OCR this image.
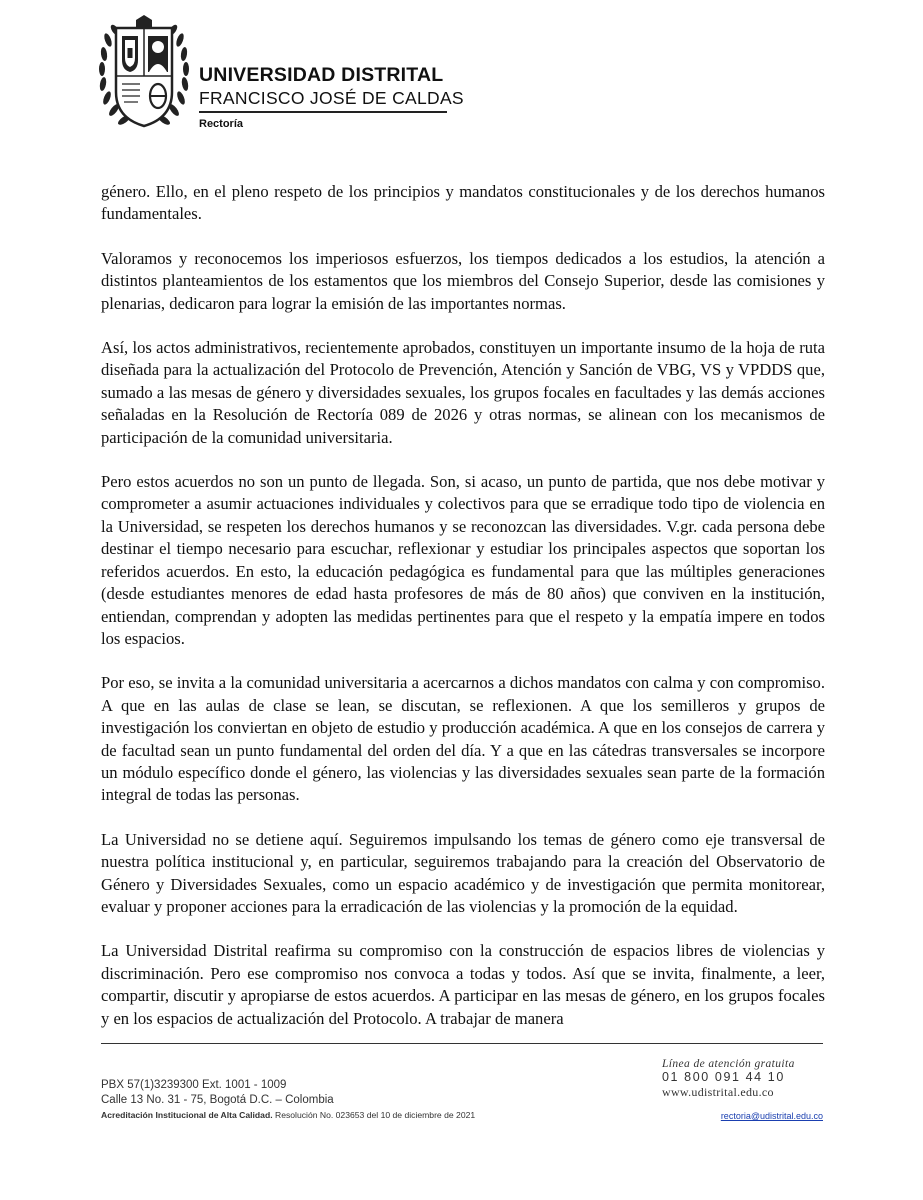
UNIVERSIDAD DISTRITAL
FRANCISCO JOSÉ DE CALDAS
Rectoría

género. Ello, en el pleno respeto de los principios y mandatos constitucionales y de los derechos humanos fundamentales.

Valoramos y reconocemos los imperiosos esfuerzos, los tiempos dedicados a los estudios, la atención a distintos planteamientos de los estamentos que los miembros del Consejo Superior, desde las comisiones y plenarias, dedicaron para lograr la emisión de las importantes normas.

Así, los actos administrativos, recientemente aprobados, constituyen un importante insumo de la hoja de ruta diseñada para la actualización del Protocolo de Prevención, Atención y Sanción de VBG, VS y VPDDS que, sumado a las mesas de género y diversidades sexuales, los grupos focales en facultades y las demás acciones señaladas en la Resolución de Rectoría 089 de 2026 y otras normas, se alinean con los mecanismos de participación de la comunidad universitaria.

Pero estos acuerdos no son un punto de llegada. Son, si acaso, un punto de partida, que nos debe motivar y comprometer a asumir actuaciones individuales y colectivos para que se erradique todo tipo de violencia en la Universidad, se respeten los derechos humanos y se reconozcan las diversidades. V.gr. cada persona debe destinar el tiempo necesario para escuchar, reflexionar y estudiar los principales aspectos que soportan los referidos acuerdos. En esto, la educación pedagógica es fundamental para que las múltiples generaciones (desde estudiantes menores de edad hasta profesores de más de 80 años) que conviven en la institución, entiendan, comprendan y adopten las medidas pertinentes para que el respeto y la empatía impere en todos los espacios.

Por eso, se invita a la comunidad universitaria a acercarnos a dichos mandatos con calma y con compromiso. A que en las aulas de clase se lean, se discutan, se reflexionen. A que los semilleros y grupos de investigación los conviertan en objeto de estudio y producción académica. A que en los consejos de carrera y de facultad sean un punto fundamental del orden del día. Y a que en las cátedras transversales se incorpore un módulo específico donde el género, las violencias y las diversidades sexuales sean parte de la formación integral de todas las personas.

La Universidad no se detiene aquí. Seguiremos impulsando los temas de género como eje transversal de nuestra política institucional y, en particular, seguiremos trabajando para la creación del Observatorio de Género y Diversidades Sexuales, como un espacio académico y de investigación que permita monitorear, evaluar y proponer acciones para la erradicación de las violencias y la promoción de la equidad.

La Universidad Distrital reafirma su compromiso con la construcción de espacios libres de violencias y discriminación. Pero ese compromiso nos convoca a todas y todos. Así que se invita, finalmente, a leer, compartir, discutir y apropiarse de estos acuerdos. A participar en las mesas de género, en los grupos focales y en los espacios de actualización del Protocolo. A trabajar de manera

PBX 57(1)3239300 Ext. 1001 - 1009
Calle 13 No. 31 - 75, Bogotá D.C. – Colombia
Acreditación Institucional de Alta Calidad. Resolución No. 023653 del 10 de diciembre de 2021
Línea de atención gratuita
01 800 091 44 10
www.udistrital.edu.co
rectoria@udistrital.edu.co
